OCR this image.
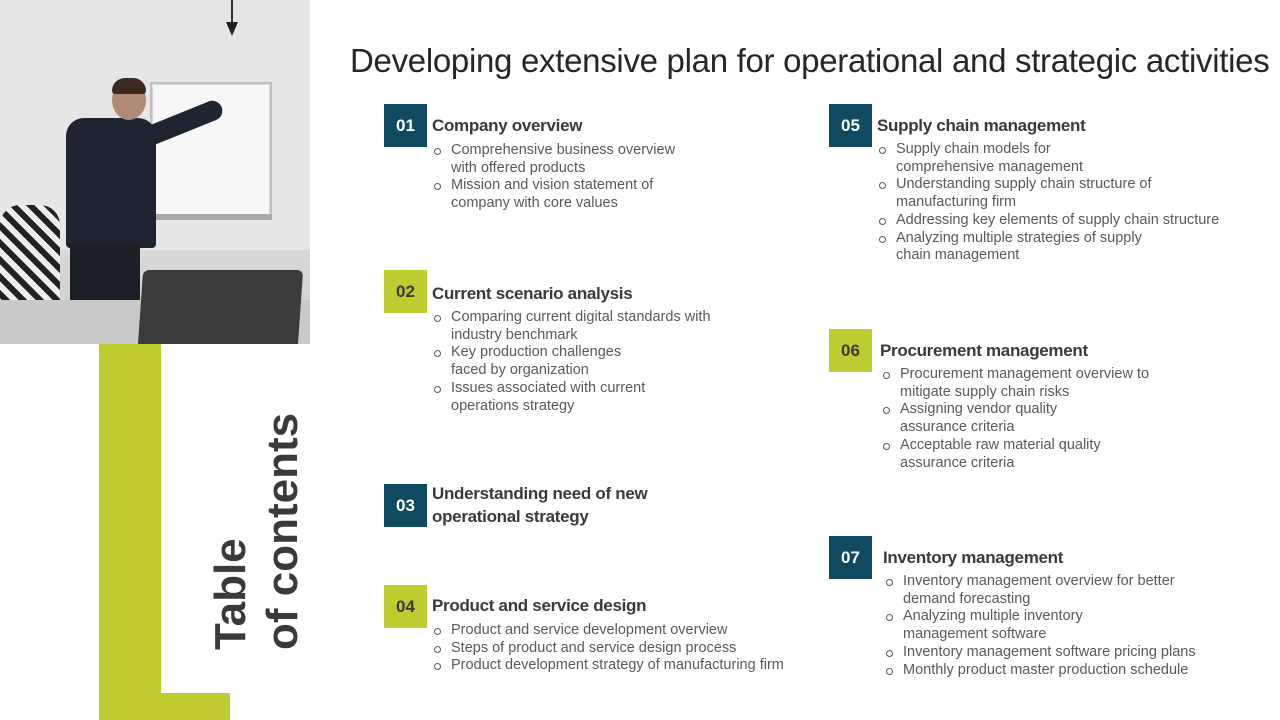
Table of contents
Developing extensive plan for operational and strategic activities
01	Company overview
Comprehensive business overview
with offered products
Mission and vision statement of
company with core values
02	Current scenario analysis
Comparing current digital standards with
industry benchmark
Key production challenges
faced by organization
Issues associated with current
operations strategy
03
Understanding need of new
operational strategy
04	Product and service design
Product and service development overview
Steps of product and service design process
Product development strategy of manufacturing firm
05	Supply chain management
Supply chain models for
comprehensive management
Understanding supply chain structure of
manufacturing firm
Addressing key elements of supply chain structure
Analyzing multiple strategies of supply
chain management
06	Procurement management
Procurement management overview to
mitigate supply chain risks
Assigning vendor quality
assurance criteria
Acceptable raw material quality
assurance criteria
07	Inventory management
Inventory management overview for better
demand forecasting
Analyzing multiple inventory
management software
Inventory management software pricing plans
Monthly product master production schedule
